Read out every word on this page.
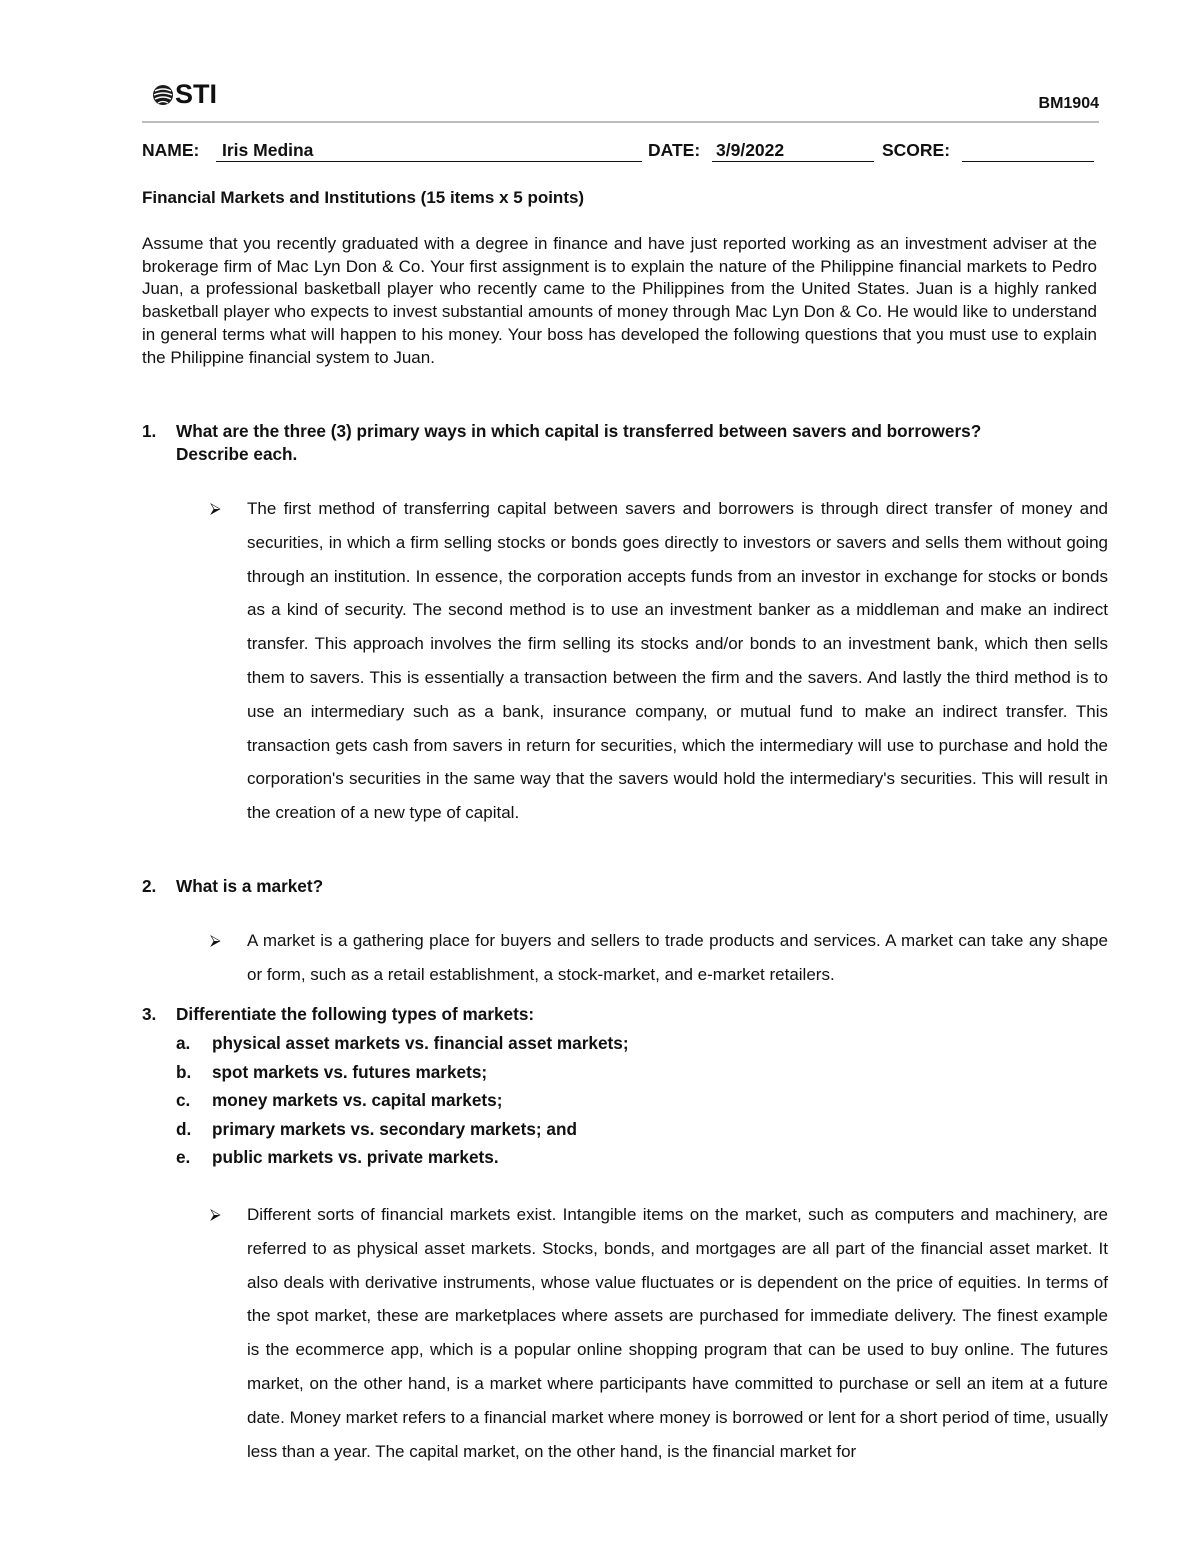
STI	BM1904
NAME:	Iris Medina	DATE: 3/9/2022	SCORE:
Financial Markets and Institutions (15 items x 5 points)
Assume that you recently graduated with a degree in finance and have just reported working as an investment adviser at the brokerage firm of Mac Lyn Don & Co. Your first assignment is to explain the nature of the Philippine financial markets to Pedro Juan, a professional basketball player who recently came to the Philippines from the United States. Juan is a highly ranked basketball player who expects to invest substantial amounts of money through Mac Lyn Don & Co. He would like to understand in general terms what will happen to his money. Your boss has developed the following questions that you must use to explain the Philippine financial system to Juan.
1. What are the three (3) primary ways in which capital is transferred between savers and borrowers?
Describe each.
⮚ The first method of transferring capital between savers and borrowers is through direct transfer of money and securities, in which a firm selling stocks or bonds goes directly to investors or savers and sells them without going through an institution. In essence, the corporation accepts funds from an investor in exchange for stocks or bonds as a kind of security. The second method is to use an investment banker as a middleman and make an indirect transfer. This approach involves the firm selling its stocks and/or bonds to an investment bank, which then sells them to savers. This is essentially a transaction between the firm and the savers. And lastly the third method is to use an intermediary such as a bank, insurance company, or mutual fund to make an indirect transfer. This transaction gets cash from savers in return for securities, which the intermediary will use to purchase and hold the corporation's securities in the same way that the savers would hold the intermediary's securities. This will result in the creation of a new type of capital.
2. What is a market?
⮚ A market is a gathering place for buyers and sellers to trade products and services. A market can take any shape or form, such as a retail establishment, a stock-market, and e-market retailers.
3. Differentiate the following types of markets:
a. physical asset markets vs. financial asset markets;
b. spot markets vs. futures markets;
c. money markets vs. capital markets;
d. primary markets vs. secondary markets; and
e. public markets vs. private markets.
⮚ Different sorts of financial markets exist. Intangible items on the market, such as computers and machinery, are referred to as physical asset markets. Stocks, bonds, and mortgages are all part of the financial asset market. It also deals with derivative instruments, whose value fluctuates or is dependent on the price of equities. In terms of the spot market, these are marketplaces where assets are purchased for immediate delivery. The finest example is the ecommerce app, which is a popular online shopping program that can be used to buy online. The futures market, on the other hand, is a market where participants have committed to purchase or sell an item at a future date. Money market refers to a financial market where money is borrowed or lent for a short period of time, usually less than a year. The capital market, on the other hand, is the financial market for
